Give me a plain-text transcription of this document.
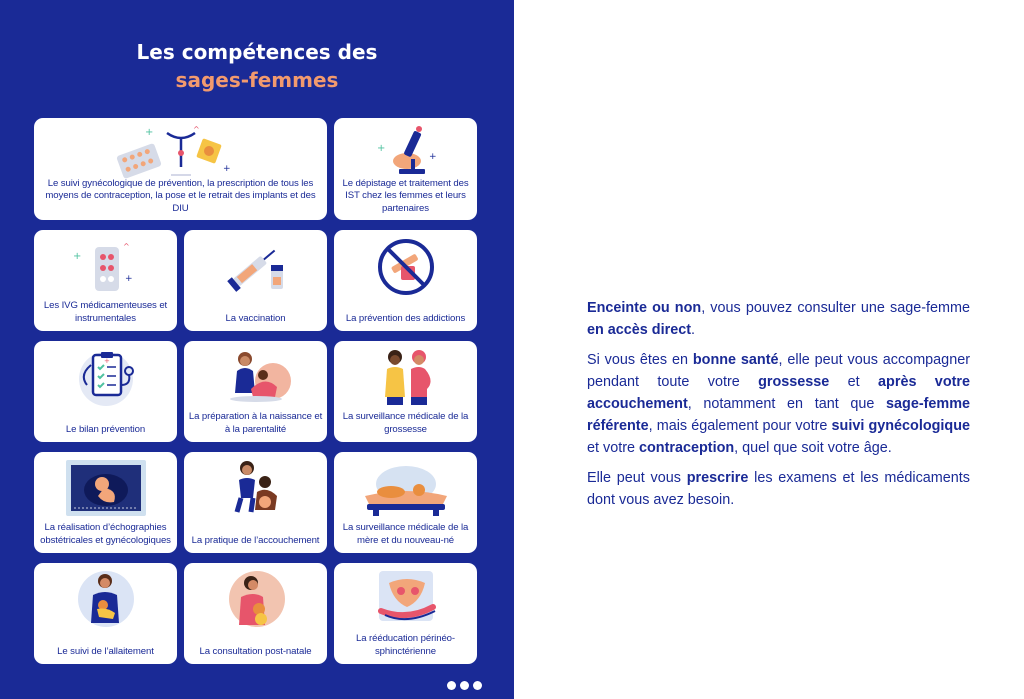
Les compétences des
sages-femmes
+
+
^
Le suivi gynécologique de prévention, la prescription de tous les moyens de contraception, la pose et le retrait des implants et des DIU
+
+
Le dépistage et traitement des IST chez les femmes et leurs partenaires
+
+
^
Les IVG médicamenteuses et instrumentales	La vaccination	La prévention des addictions
+
Le bilan prévention
La préparation à la naissance et à la parentalité
La surveillance médicale de la grossesse
La réalisation d’échographies obstétricales et gynécologiques	La pratique de l’accouchement
La surveillance médicale de la mère et du nouveau-né
Le suivi de l’allaitement	La consultation post-natale
La rééducation périnéo-sphinctérienne

Enceinte ou non, vous pouvez consulter une sage-femme en accès direct.

Si vous êtes en bonne santé, elle peut vous accompagner pendant toute votre grossesse et après votre accouchement, notamment en tant que sage-femme référente, mais également pour votre suivi gynécologique et votre contraception, quel que soit votre âge.

Elle peut vous prescrire les examens et les médicaments dont vous avez besoin.
